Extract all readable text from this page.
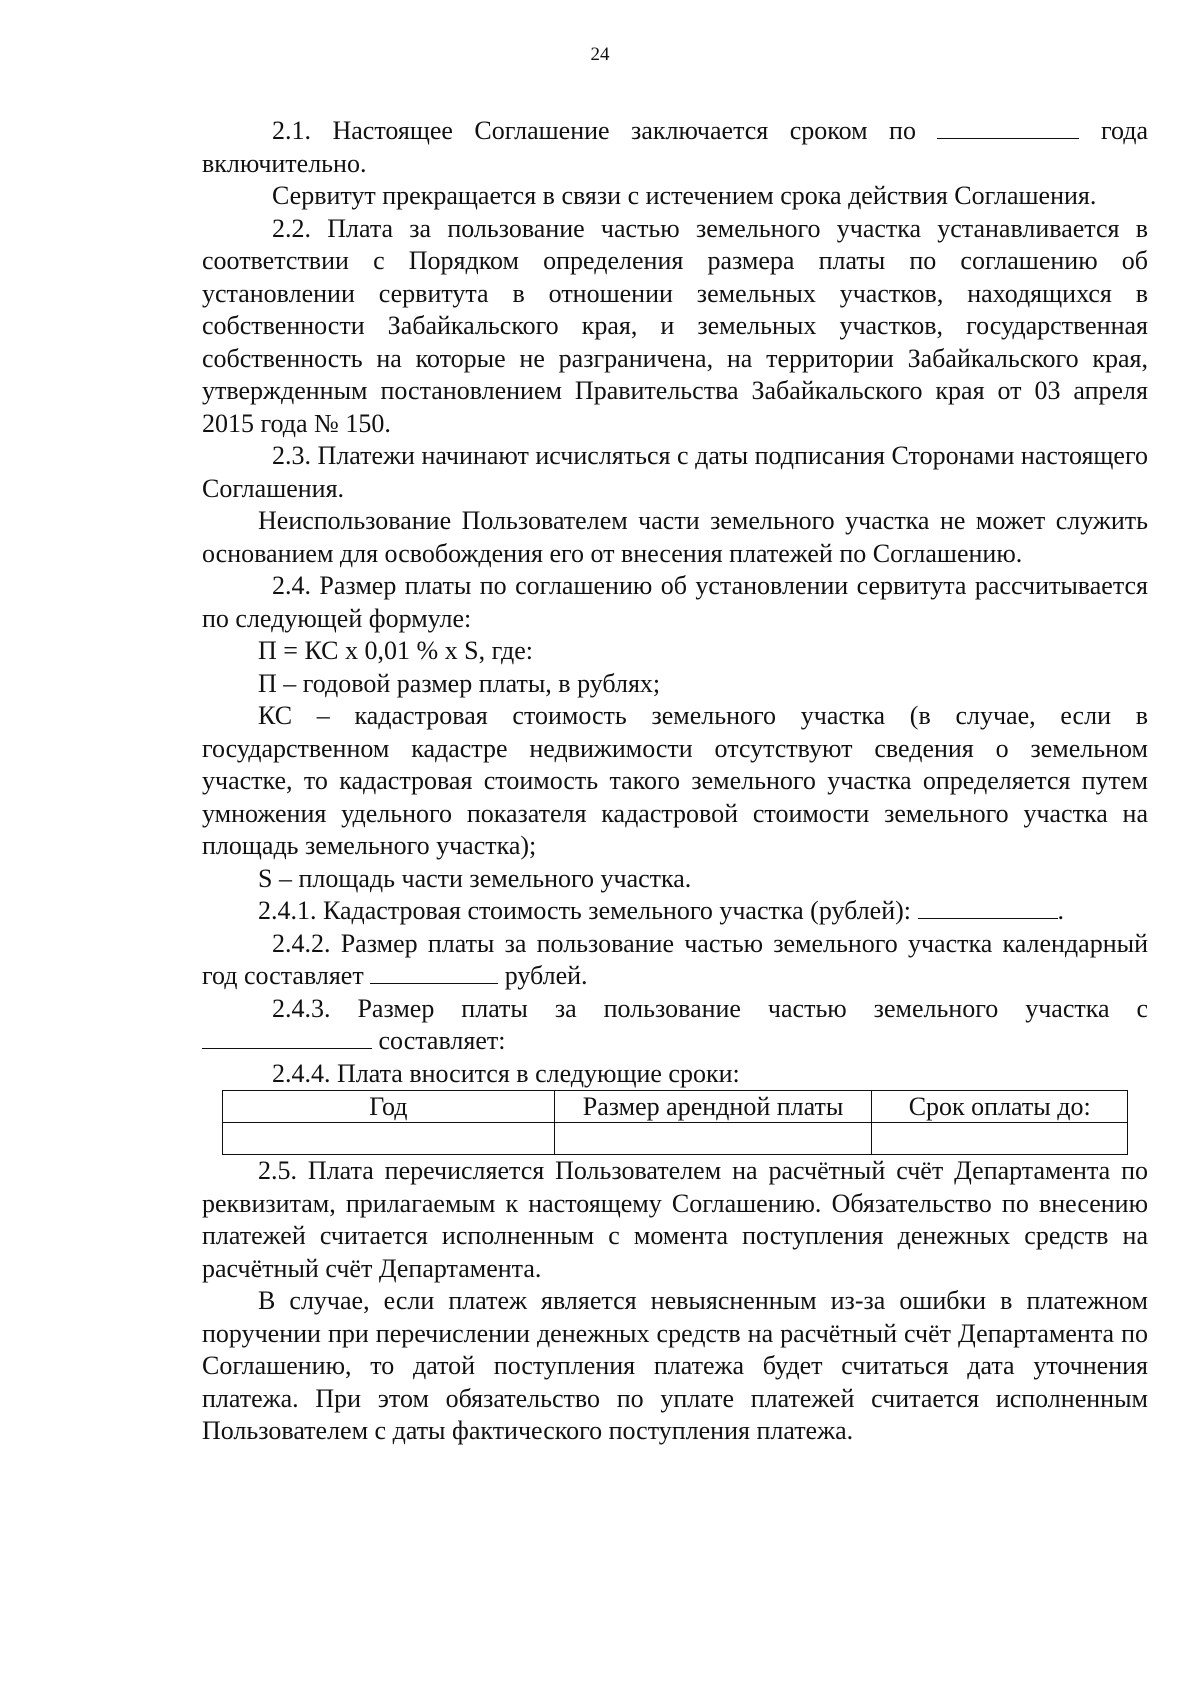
24

2.1. Настоящее Соглашение заключается сроком по	года включительно.

Сервитут прекращается в связи с истечением срока действия Соглашения.

2.2. Плата за пользование частью земельного участка устанавливается в соответствии с Порядком определения размера платы по соглашению об установлении сервитута в отношении земельных участков, находящихся в собственности Забайкальского края, и земельных участков, государственная собственность на которые не разграничена, на территории Забайкальского края, утвержденным постановлением Правительства Забайкальского края от 03 апреля 2015 года № 150.

2.3. Платежи начинают исчисляться с даты подписания Сторонами настоящего Соглашения.

Неиспользование Пользователем части земельного участка не может служить основанием для освобождения его от внесения платежей по Соглашению.

2.4. Размер платы по соглашению об установлении сервитута рассчитывается по следующей формуле:

П = КС х 0,01 % х S, где:

П – годовой размер платы, в рублях;

КС – кадастровая стоимость земельного участка (в случае, если в государственном кадастре недвижимости отсутствуют сведения о земельном участке, то кадастровая стоимость такого земельного участка определяется путем умножения удельного показателя кадастровой стоимости земельного участка на площадь земельного участка);

S – площадь части земельного участка.

2.4.1. Кадастровая стоимость земельного участка (рублей):	.

2.4.2. Размер платы за пользование частью земельного участка календарный год составляет	рублей.

2.4.3. Размер платы за пользование частью земельного участка с  составляет:

2.4.4. Плата вносится в следующие сроки:

Год	Размер арендной платы	Срок оплаты до:

2.5. Плата перечисляется Пользователем на расчётный счёт Департамента по реквизитам, прилагаемым к настоящему Соглашению. Обязательство по внесению платежей считается исполненным с момента поступления денежных средств на расчётный счёт Департамента.

В случае, если платеж является невыясненным из-за ошибки в платежном поручении при перечислении денежных средств на расчётный счёт Департамента по Соглашению, то датой поступления платежа будет считаться дата уточнения платежа. При этом обязательство по уплате платежей считается исполненным Пользователем с даты фактического поступления платежа.
